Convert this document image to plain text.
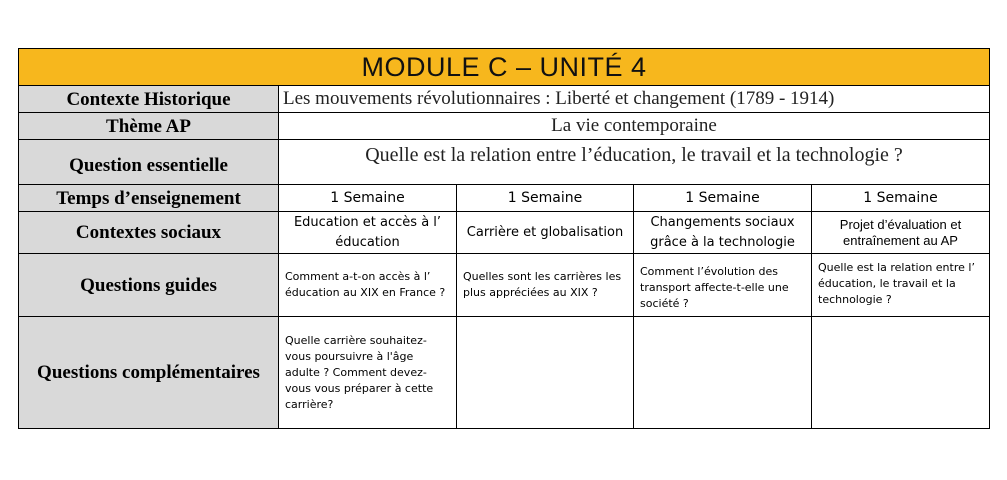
MODULE C – UNITÉ 4				
Contexte Historique	Les mouvements révolutionnaires : Liberté et changement (1789 - 1914)			
Thème AP	La vie contemporaine			
Question essentielle	Quelle est la relation entre l’éducation, le travail et la technologie ?			
Temps d’enseignement	1 Semaine	1 Semaine	1 Semaine	1 Semaine
Contextes sociaux	Education et accès à l’ éducation	Carrière et globalisation	Changements sociaux grâce à la technologie	Projet d’évaluation et entraînement au AP
Questions guides	Comment a-t-on accès à l’ éducation au XIX en France ?	Quelles sont les carrières les plus appréciées au XIX ?	Comment l’évolution des transport affecte-t-elle une société ?	Quelle est la relation entre l’ éducation, le travail et la technologie ?
Questions complémentaires	Quelle carrière souhaitez-vous poursuivre à l'âge adulte ? Comment devez-vous vous préparer à cette carrière?			
